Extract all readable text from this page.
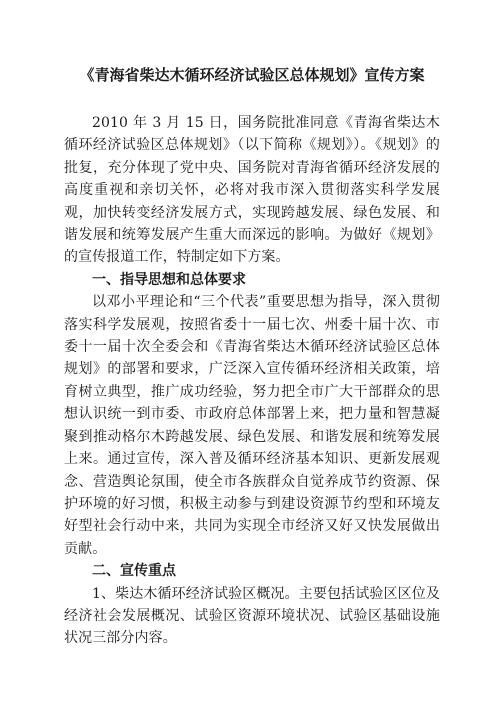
《青海省柴达木循环经济试验区总体规划》宣传方案

2010 年 3 月 15 日，国务院批准同意《青海省柴达木循环经济试验区总体规划》（以下简称《规划》）。《规划》的批复，充分体现了党中央、国务院对青海省循环经济发展的高度重视和亲切关怀，必将对我市深入贯彻落实科学发展观，加快转变经济发展方式，实现跨越发展、绿色发展、和谐发展和统筹发展产生重大而深远的影响。为做好《规划》的宣传报道工作，特制定如下方案。

一、指导思想和总体要求

以邓小平理论和“三个代表”重要思想为指导，深入贯彻落实科学发展观，按照省委十一届七次、州委十届十次、市委十一届十次全委会和《青海省柴达木循环经济试验区总体规划》的部署和要求，广泛深入宣传循环经济相关政策，培育树立典型，推广成功经验，努力把全市广大干部群众的思想认识统一到市委、市政府总体部署上来，把力量和智慧凝聚到推动格尔木跨越发展、绿色发展、和谐发展和统筹发展上来。通过宣传，深入普及循环经济基本知识、更新发展观念、营造舆论氛围，使全市各族群众自觉养成节约资源、保护环境的好习惯，积极主动参与到建设资源节约型和环境友好型社会行动中来，共同为实现全市经济又好又快发展做出贡献。

二、宣传重点

1、柴达木循环经济试验区概况。主要包括试验区区位及经济社会发展概况、试验区资源环境状况、试验区基础设施状况三部分内容。
